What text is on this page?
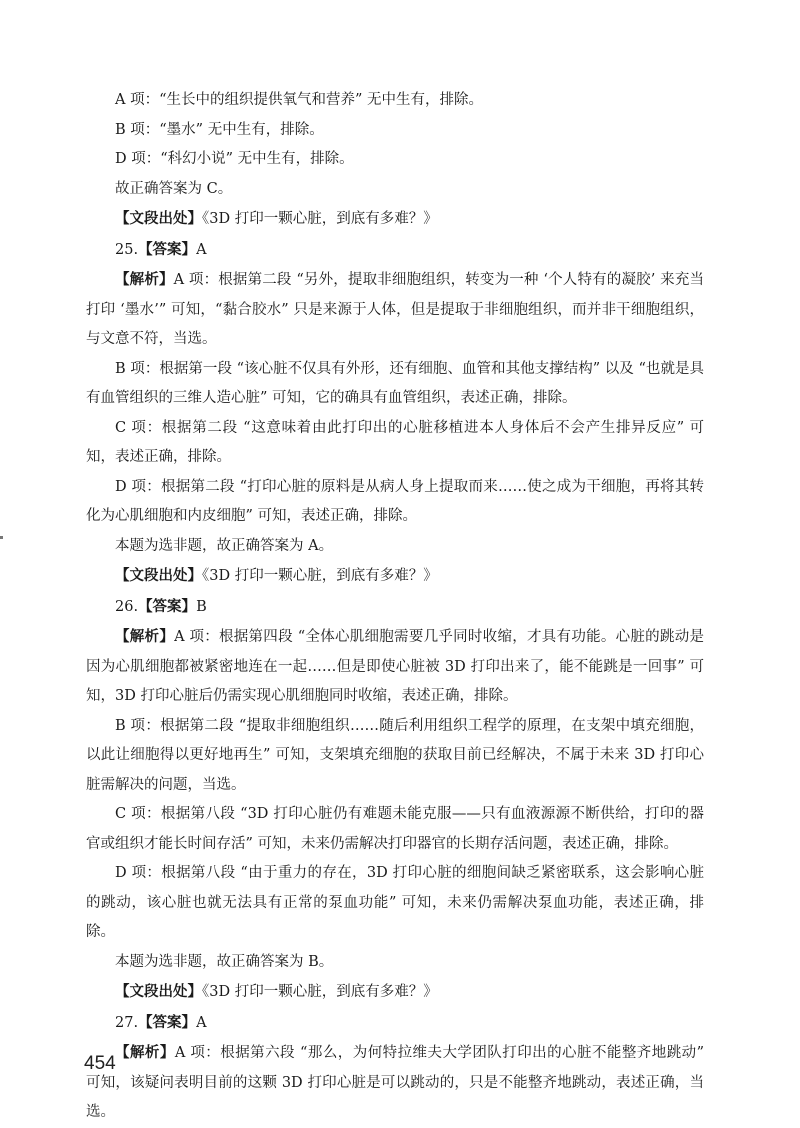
A 项：“生长中的组织提供氧气和营养” 无中生有，排除。

B 项：“墨水” 无中生有，排除。

D 项：“科幻小说” 无中生有，排除。

故正确答案为 C。

【文段出处】《3D 打印一颗心脏，到底有多难？》

25.【答案】A

【解析】A 项：根据第二段 “另外，提取非细胞组织，转变为一种 ‘个人特有的凝胶’ 来充当打印 ‘墨水’” 可知，“黏合胶水” 只是来源于人体，但是提取于非细胞组织，而并非干细胞组织，与文意不符，当选。

B 项：根据第一段 “该心脏不仅具有外形，还有细胞、血管和其他支撑结构” 以及 “也就是具有血管组织的三维人造心脏” 可知，它的确具有血管组织，表述正确，排除。

C 项：根据第二段 “这意味着由此打印出的心脏移植进本人身体后不会产生排异反应” 可知，表述正确，排除。

D 项：根据第二段 “打印心脏的原料是从病人身上提取而来……使之成为干细胞，再将其转化为心肌细胞和内皮细胞” 可知，表述正确，排除。

本题为选非题，故正确答案为 A。

【文段出处】《3D 打印一颗心脏，到底有多难？》

26.【答案】B

【解析】A 项：根据第四段 “全体心肌细胞需要几乎同时收缩，才具有功能。心脏的跳动是因为心肌细胞都被紧密地连在一起……但是即使心脏被 3D 打印出来了，能不能跳是一回事” 可知，3D 打印心脏后仍需实现心肌细胞同时收缩，表述正确，排除。

B 项：根据第二段 “提取非细胞组织……随后利用组织工程学的原理，在支架中填充细胞，以此让细胞得以更好地再生” 可知，支架填充细胞的获取目前已经解决，不属于未来 3D 打印心脏需解决的问题，当选。

C 项：根据第八段 “3D 打印心脏仍有难题未能克服——只有血液源源不断供给，打印的器官或组织才能长时间存活” 可知，未来仍需解决打印器官的长期存活问题，表述正确，排除。

D 项：根据第八段 “由于重力的存在，3D 打印心脏的细胞间缺乏紧密联系，这会影响心脏的跳动，该心脏也就无法具有正常的泵血功能” 可知，未来仍需解决泵血功能，表述正确，排除。

本题为选非题，故正确答案为 B。

【文段出处】《3D 打印一颗心脏，到底有多难？》

27.【答案】A

【解析】A 项：根据第六段 “那么，为何特拉维夫大学团队打印出的心脏不能整齐地跳动” 可知，该疑问表明目前的这颗 3D 打印心脏是可以跳动的，只是不能整齐地跳动，表述正确，当选。

454
